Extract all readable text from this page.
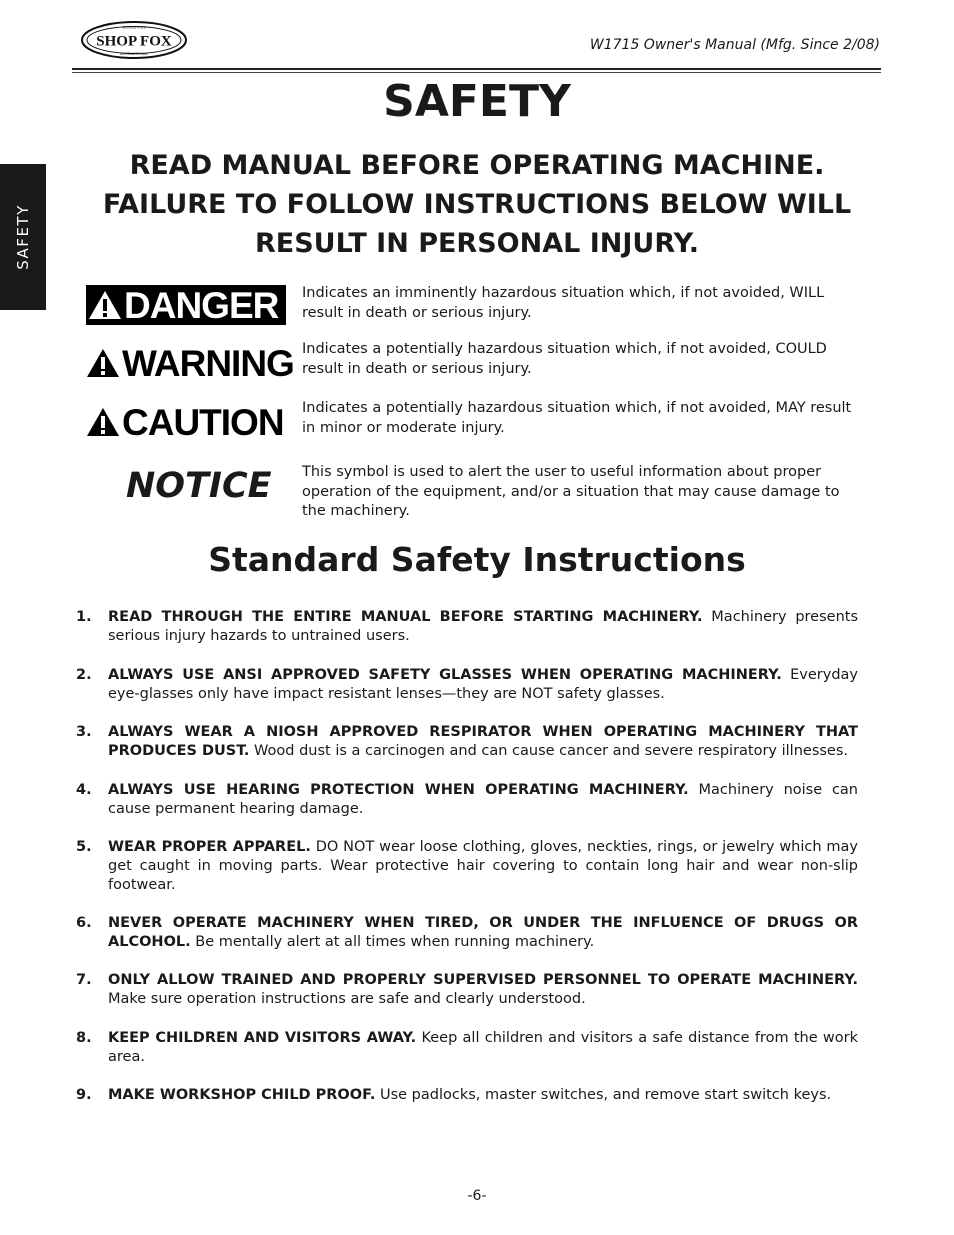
SHOP FOX
WOODSTOCK
INTERNATIONAL
W1715 Owner's Manual (Mfg. Since 2/08)
SAFETY
SAFETY
READ MANUAL BEFORE OPERATING MACHINE.
FAILURE TO FOLLOW INSTRUCTIONS BELOW WILL
RESULT IN PERSONAL INJURY.
DANGER Indicates an imminently hazardous situation which, if not avoided, WILL result in death or serious injury.
WARNING Indicates a potentially hazardous situation which, if not avoided, COULD result in death or serious injury.
CAUTION Indicates a potentially hazardous situation which, if not avoided, MAY result in minor or moderate injury.
NOTICE This symbol is used to alert the user to useful information about proper operation of the equipment, and/or a situation that may cause damage to the machinery.
Standard Safety Instructions
1. READ THROUGH THE ENTIRE MANUAL BEFORE STARTING MACHINERY. Machinery presents serious injury hazards to untrained users.
2. ALWAYS USE ANSI APPROVED SAFETY GLASSES WHEN OPERATING MACHINERY. Everyday eye-glasses only have impact resistant lenses—they are NOT safety glasses.
3. ALWAYS WEAR A NIOSH APPROVED RESPIRATOR WHEN OPERATING MACHINERY THAT PRODUCES DUST. Wood dust is a carcinogen and can cause cancer and severe respiratory illnesses.
4. ALWAYS USE HEARING PROTECTION WHEN OPERATING MACHINERY. Machinery noise can cause permanent hearing damage.
5. WEAR PROPER APPAREL. DO NOT wear loose clothing, gloves, neckties, rings, or jewelry which may get caught in moving parts. Wear protective hair covering to contain long hair and wear non-slip footwear.
6. NEVER OPERATE MACHINERY WHEN TIRED, OR UNDER THE INFLUENCE OF DRUGS OR ALCOHOL. Be mentally alert at all times when running machinery.
7. ONLY ALLOW TRAINED AND PROPERLY SUPERVISED PERSONNEL TO OPERATE MACHINERY. Make sure operation instructions are safe and clearly understood.
8. KEEP CHILDREN AND VISITORS AWAY. Keep all children and visitors a safe distance from the work area.
9. MAKE WORKSHOP CHILD PROOF. Use padlocks, master switches, and remove start switch keys.
-6-
